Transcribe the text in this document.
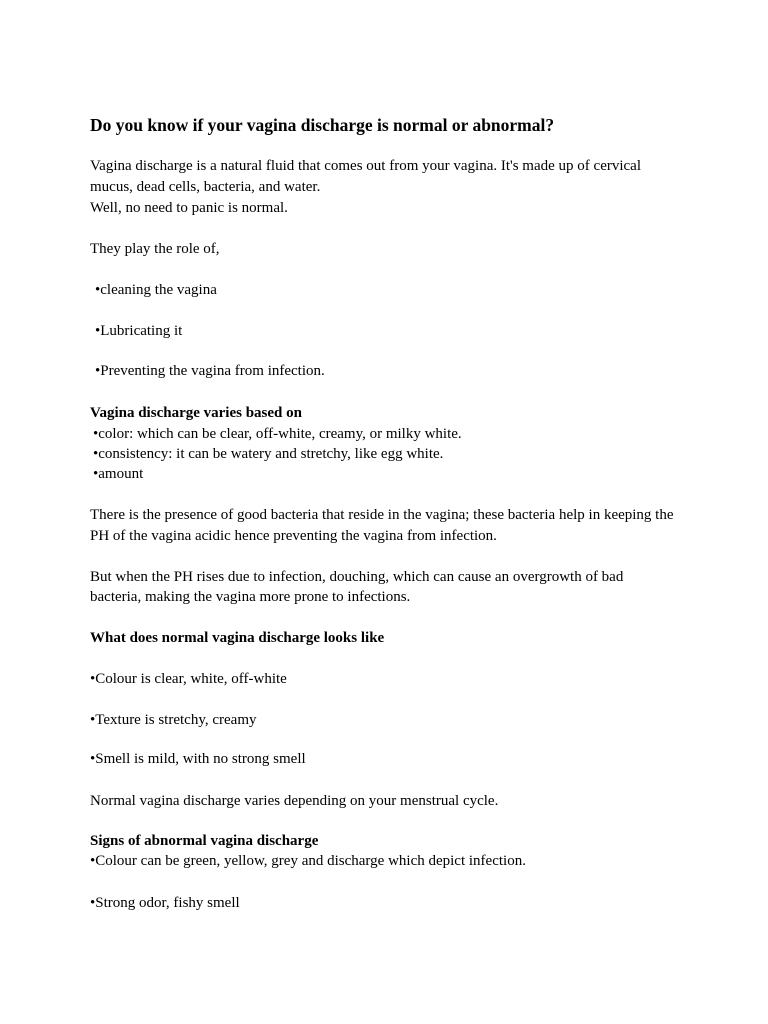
Do you know if your vagina discharge is normal or abnormal?
Vagina discharge is a natural fluid that comes out from your vagina. It's made up of cervical
mucus, dead cells, bacteria, and water.
Well, no need to panic is normal.
They play the role of,
•cleaning the vagina
•Lubricating it
•Preventing the vagina from infection.
Vagina discharge varies based on
•color: which can be clear, off-white, creamy, or milky white.
•consistency: it can be watery and stretchy, like egg white.
•amount
There is the presence of good bacteria that reside in the vagina; these bacteria help in keeping the
PH of the vagina acidic hence preventing the vagina from infection.
But when the PH rises due to infection, douching, which can cause an overgrowth of bad
bacteria, making the vagina more prone to infections.
What does normal vagina discharge looks like
•Colour is clear, white, off-white
•Texture is stretchy, creamy
•Smell is mild, with no strong smell
Normal vagina discharge varies depending on your menstrual cycle.
Signs of abnormal vagina discharge
•Colour can be green, yellow, grey and discharge which depict infection.
•Strong odor, fishy smell
